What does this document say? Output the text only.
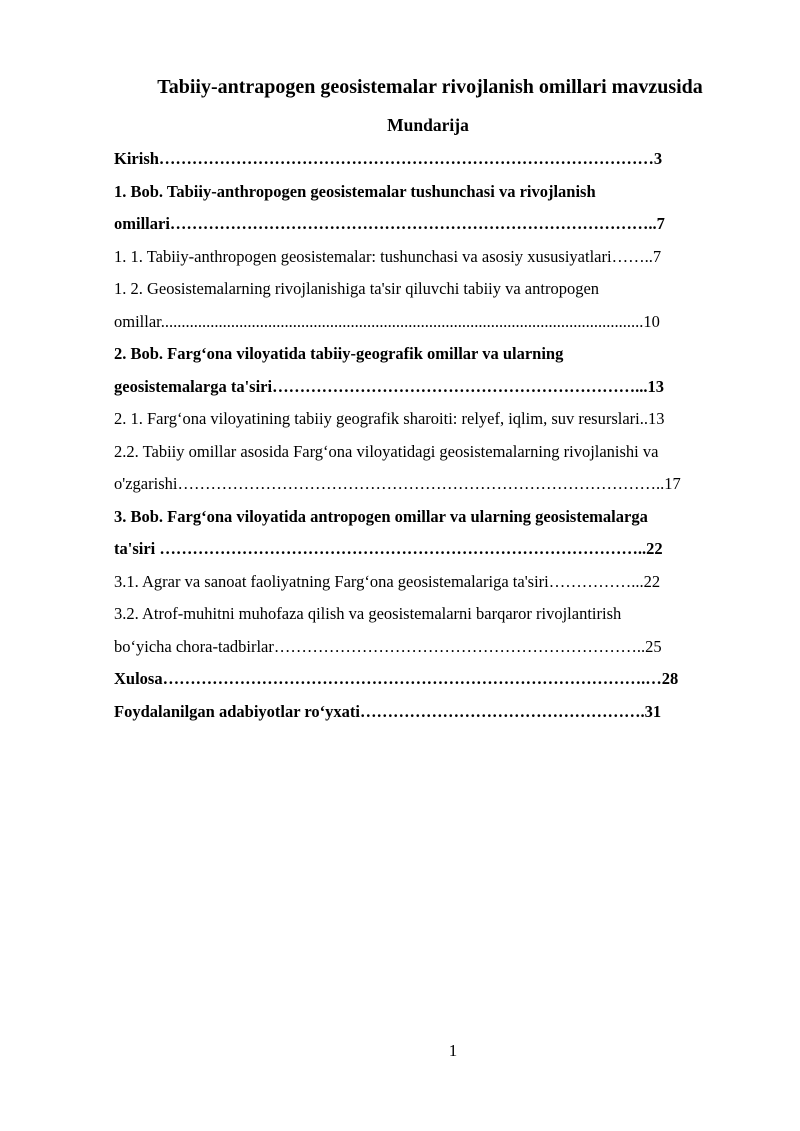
Tabiiy-antrapogen geosistemalar rivojlanish omillari mavzusida
Mundarija
Kirish………………………………………………………………………………3
1. Bob. Tabiiy-anthropogen geosistemalar tushunchasi va rivojlanish
omillari……………………………………………………………………………..7
1. 1. Tabiiy-anthropogen geosistemalar: tushunchasi va asosiy xususiyatlari……..7
1. 2. Geosistemalarning rivojlanishiga ta'sir qiluvchi tabiiy va antropogen
omillar.....................................................................................................................10
2. Bob. Farg‘ona viloyatida tabiiy-geografik omillar va ularning
geosistemalarga ta'siri…………………………………………………………...13
2. 1. Farg‘ona viloyatining tabiiy geografik sharoiti: relyef, iqlim, suv resurslari..13
2.2. Tabiiy omillar asosida Farg‘ona viloyatidagi geosistemalarning rivojlanishi va
o'zgarishi……………………………………………………………………………..17
3. Bob. Farg‘ona viloyatida antropogen omillar va ularning geosistemalarga
ta'siri ……………………………………………………………………………..22
3.1. Agrar va sanoat faoliyatning Farg‘ona geosistemalariga ta'siri……………...22
3.2. Atrof-muhitni muhofaza qilish va geosistemalarni barqaror rivojlantirish
bo‘yicha chora-tadbirlar…………………………………………………………..25
Xulosa…………………………………………………………………………….…28
Foydalanilgan adabiyotlar ro‘yxati…………………………………………….31
1
